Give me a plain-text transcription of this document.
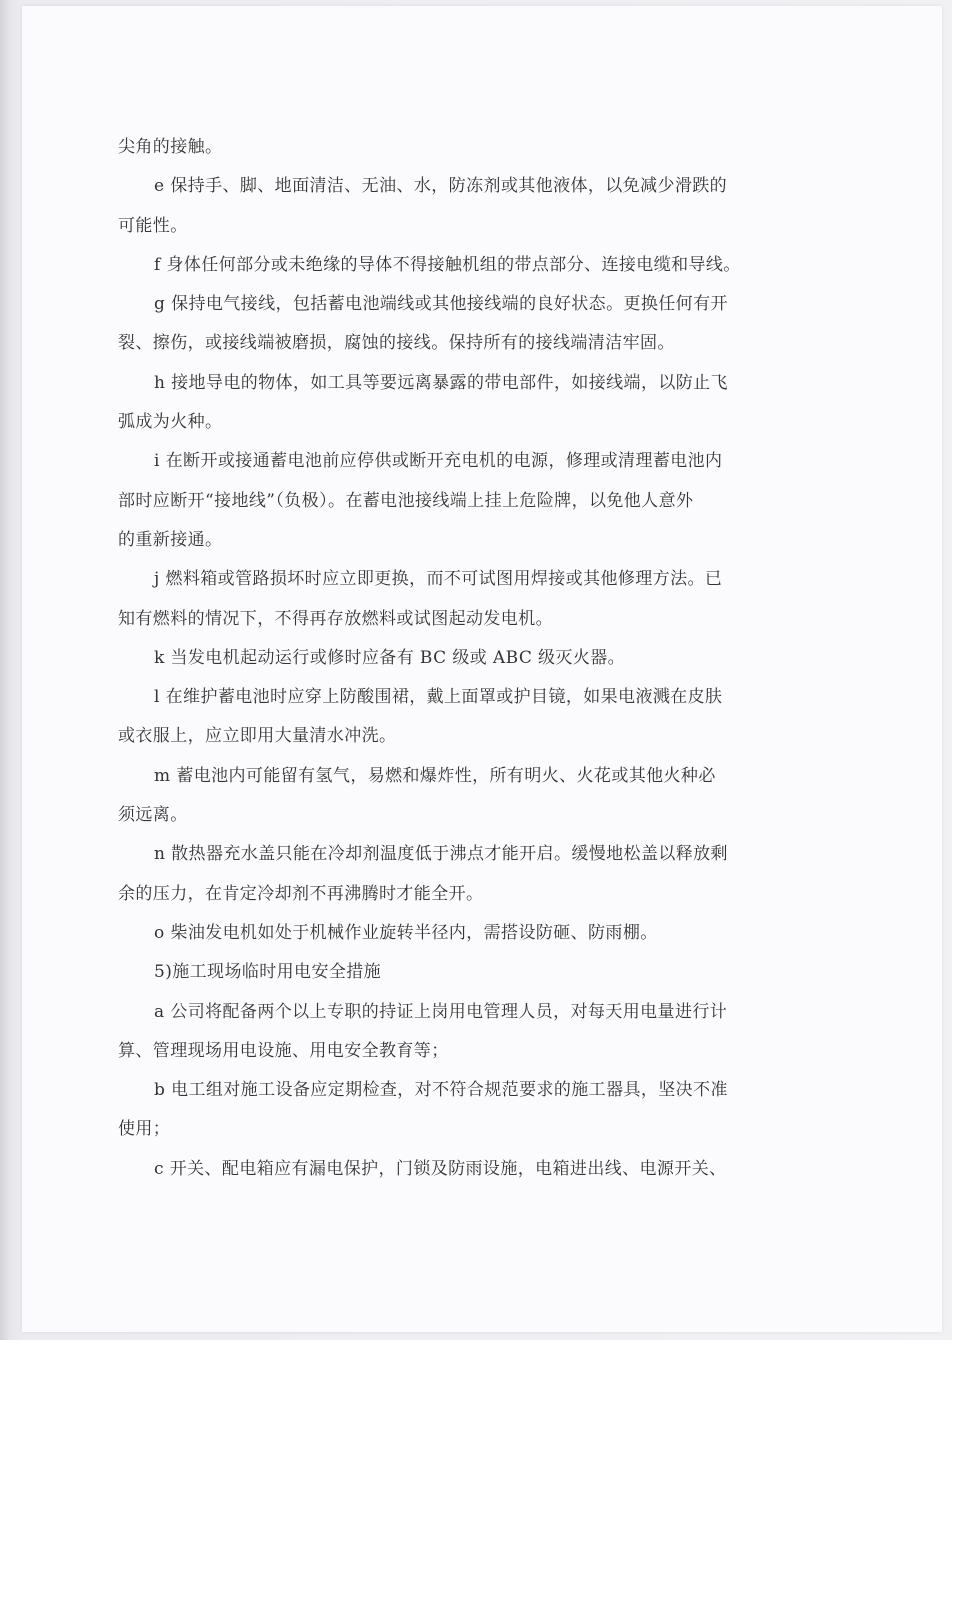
尖角的接触。
e 保持手、脚、地面清洁、无油、水，防冻剂或其他液体，以免减少滑跌的
可能性。
f 身体任何部分或未绝缘的导体不得接触机组的带点部分、连接电缆和导线。
g 保持电气接线，包括蓄电池端线或其他接线端的良好状态。更换任何有开
裂、擦伤，或接线端被磨损，腐蚀的接线。保持所有的接线端清洁牢固。
h 接地导电的物体，如工具等要远离暴露的带电部件，如接线端，以防止飞
弧成为火种。
i 在断开或接通蓄电池前应停供或断开充电机的电源，修理或清理蓄电池内
部时应断开“接地线”（负极）。在蓄电池接线端上挂上危险牌，以免他人意外
的重新接通。
j 燃料箱或管路损坏时应立即更换，而不可试图用焊接或其他修理方法。已
知有燃料的情况下，不得再存放燃料或试图起动发电机。
k 当发电机起动运行或修时应备有 BC 级或 ABC 级灭火器。
l 在维护蓄电池时应穿上防酸围裙，戴上面罩或护目镜，如果电液溅在皮肤
或衣服上，应立即用大量清水冲洗。
m 蓄电池内可能留有氢气，易燃和爆炸性，所有明火、火花或其他火种必
须远离。
n 散热器充水盖只能在冷却剂温度低于沸点才能开启。缓慢地松盖以释放剩
余的压力，在肯定冷却剂不再沸腾时才能全开。
o 柴油发电机如处于机械作业旋转半径内，需搭设防砸、防雨棚。
5)施工现场临时用电安全措施
a 公司将配备两个以上专职的持证上岗用电管理人员，对每天用电量进行计
算、管理现场用电设施、用电安全教育等；
b 电工组对施工设备应定期检查，对不符合规范要求的施工器具，坚决不准
使用；
c 开关、配电箱应有漏电保护，门锁及防雨设施，电箱进出线、电源开关、
